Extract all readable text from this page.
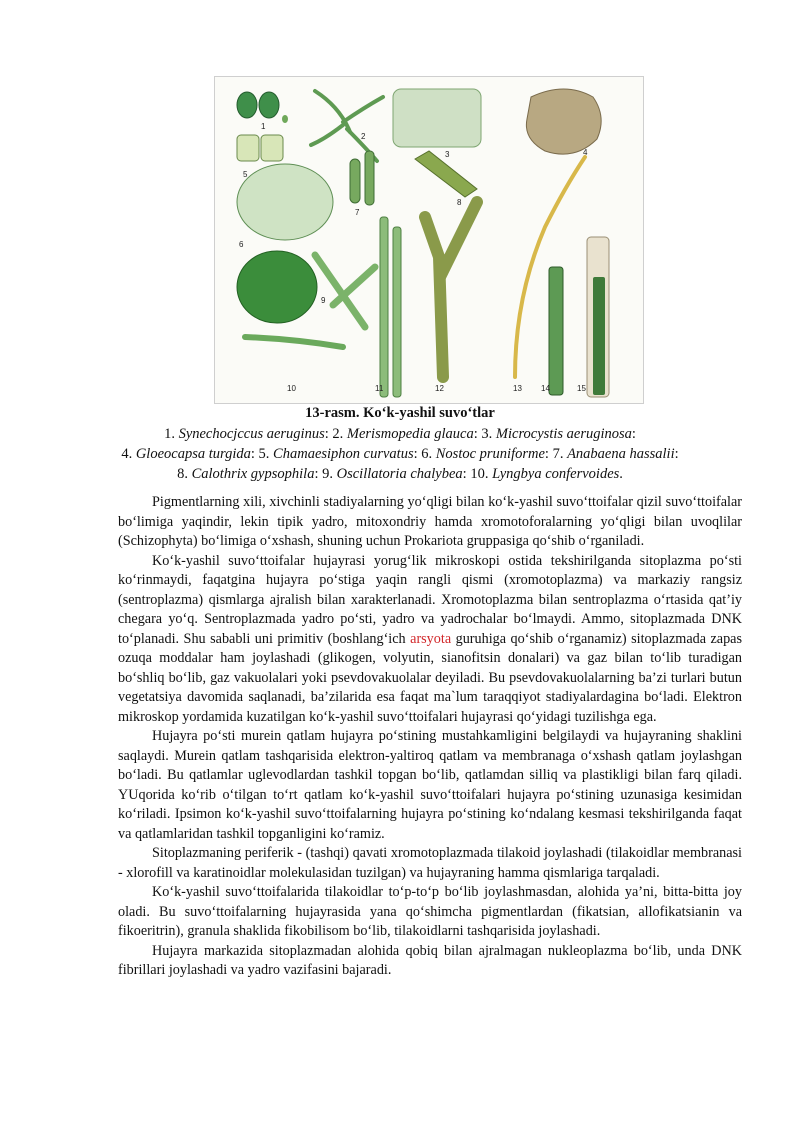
1
2
3	4
5
6
7
8
9
10	11	12	13 14	15
13-rasm. Ko‘k-yashil suvo‘tlar
1. Synechocjccus aeruginus: 2. Merismopedia glauca: 3. Microcystis aeruginosa:
4. Gloeocapsa turgida: 5. Chamaesiphon curvatus: 6. Nostoc pruniforme: 7. Anabaena hassalii:
8. Calothrix gypsophila: 9. Oscillatoria chalybea: 10. Lyngbya confervoides.

Pigmentlarning xili, xivchinli stadiyalarning yo‘qligi bilan ko‘k-yashil suvo‘ttoifalar qizil suvo‘ttoifalar bo‘limiga yaqindir, lekin tipik yadro, mitoxondriy hamda xromotoforalarning yo‘qligi bilan uvoqlilar (Schizophyta) bo‘limiga o‘xshash, shuning uchun Prokariota gruppasiga qo‘shib o‘rganiladi.

Ko‘k-yashil suvo‘ttoifalar hujayrasi yorug‘lik mikroskopi ostida tekshirilganda sitoplazma po‘sti ko‘rinmaydi, faqatgina hujayra po‘stiga yaqin rangli qismi (xromotoplazma) va markaziy rangsiz (sentroplazma) qismlarga ajralish bilan xarakterlanadi. Xromotoplazma bilan sentroplazma o‘rtasida qat’iy chegara yo‘q. Sentroplazmada yadro po‘sti, yadro va yadrochalar bo‘lmaydi. Ammo, sitoplazmada DNK to‘planadi. Shu sababli uni primitiv (boshlang‘ich arsyota guruhiga qo‘shib o‘rganamiz) sitoplazmada zapas ozuqa moddalar ham joylashadi (glikogen, volyutin, sianofitsin donalari) va gaz bilan to‘lib turadigan bo‘shliq bo‘lib, gaz vakuolalari yoki psevdovakuolalar deyiladi. Bu psevdovakuolalarning ba’zi turlari butun vegetatsiya davomida saqlanadi, ba’zilarida esa faqat ma`lum taraqqiyot stadiyalardagina bo‘ladi. Elektron mikroskop yordamida kuzatilgan ko‘k-yashil suvo‘ttoifalari hujayrasi qo‘yidagi tuzilishga ega.

Hujayra po‘sti murein qatlam hujayra po‘stining mustahkamligini belgilaydi va hujayraning shaklini saqlaydi. Murein qatlam tashqarisida elektron-yaltiroq qatlam va membranaga o‘xshash qatlam joylashgan bo‘ladi. Bu qatlamlar uglevodlardan tashkil topgan bo‘lib, qatlamdan silliq va plastikligi bilan farq qiladi. YUqorida ko‘rib o‘tilgan to‘rt qatlam ko‘k-yashil suvo‘ttoifalari hujayra po‘stining uzunasiga kesimidan ko‘riladi. Ipsimon ko‘k-yashil suvo‘ttoifalarning hujayra po‘stining ko‘ndalang kesmasi tekshirilganda faqat va qatlamlaridan tashkil topganligini ko‘ramiz.

Sitoplazmaning periferik - (tashqi) qavati xromotoplazmada tilakoid joylashadi (tilakoidlar membranasi - xlorofill va karatinoidlar molekulasidan tuzilgan) va hujayraning hamma qismlariga tarqaladi.

Ko‘k-yashil suvo‘ttoifalarida tilakoidlar to‘p-to‘p bo‘lib joylashmasdan, alohida ya’ni, bitta-bitta joy oladi. Bu suvo‘ttoifalarning hujayrasida yana qo‘shimcha pigmentlardan (fikatsian, allofikatsianin va fikoeritrin), granula shaklida fikobilisom bo‘lib, tilakoidlarni tashqarisida joylashadi.

Hujayra markazida sitoplazmadan alohida qobiq bilan ajralmagan nukleoplazma bo‘lib, unda DNK fibrillari joylashadi va yadro vazifasini bajaradi.
